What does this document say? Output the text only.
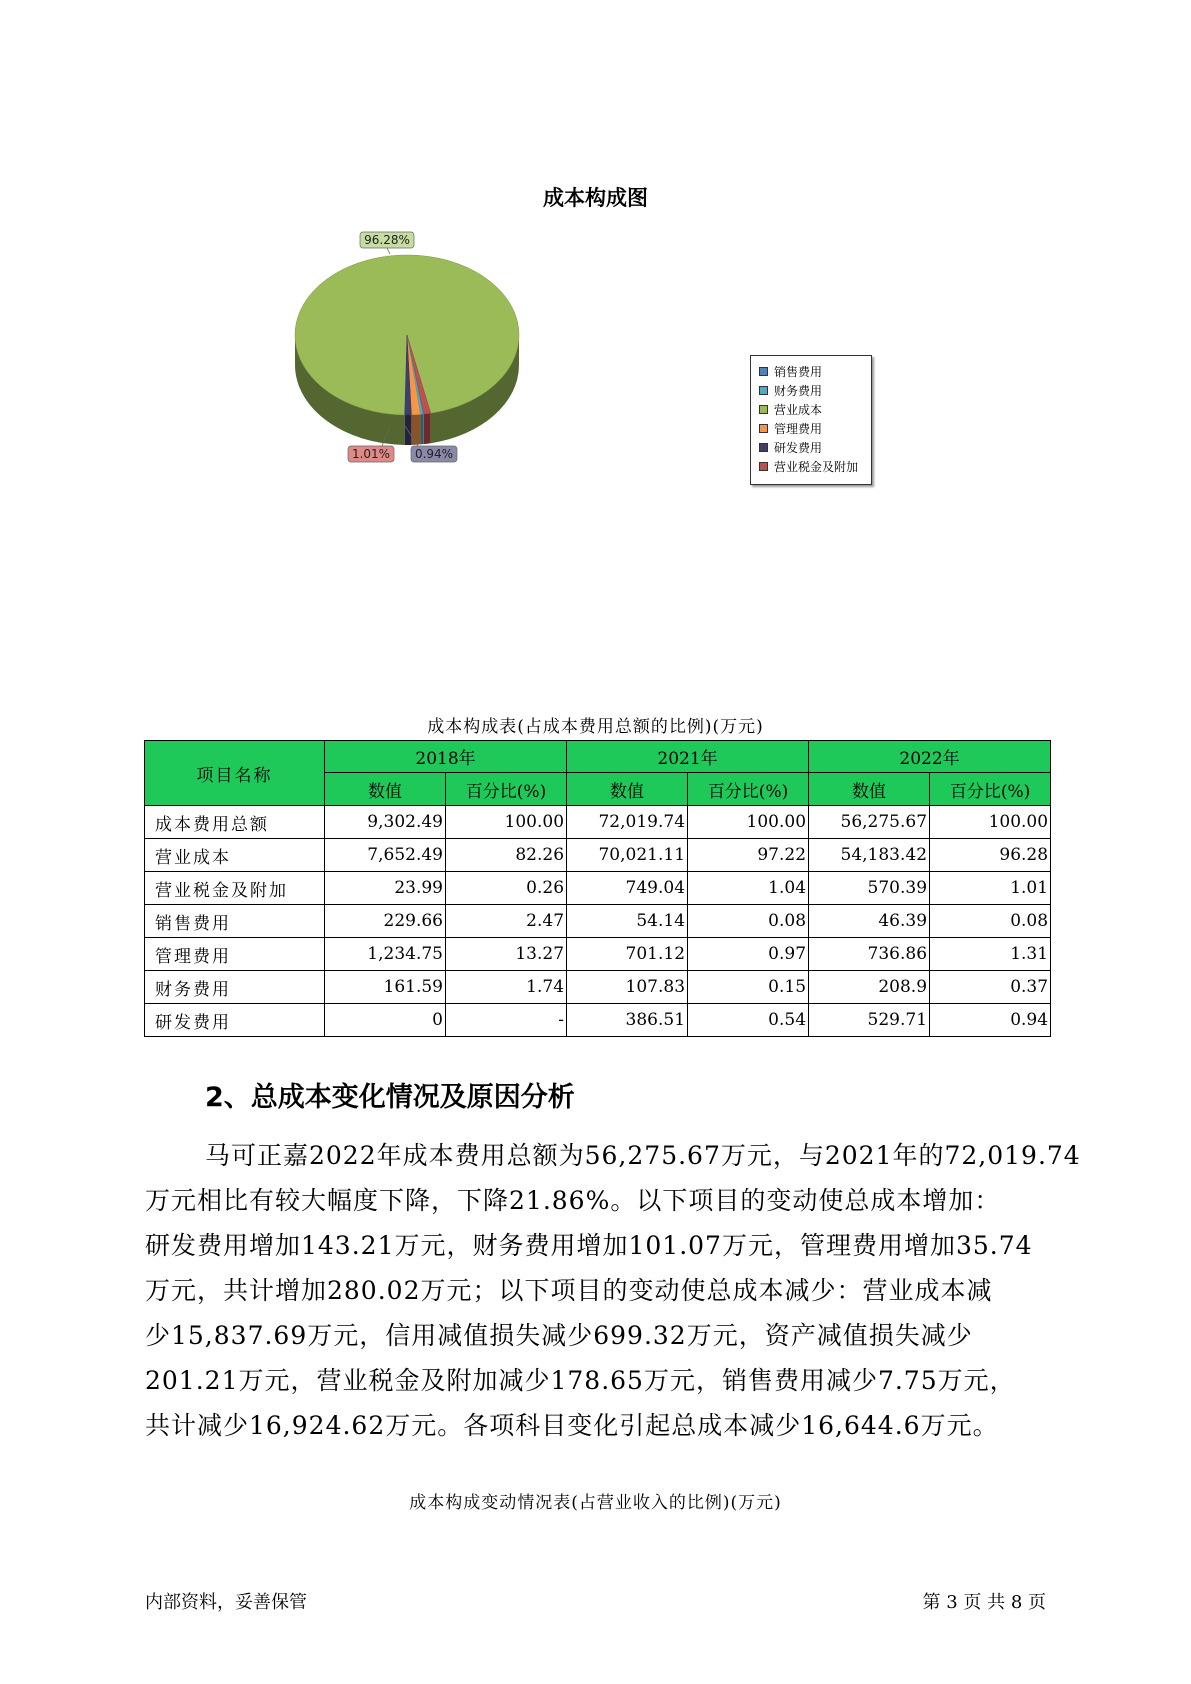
成本构成图
96.28%
1.01% 0.94%
销售费用
财务费用
营业成本
管理费用
研发费用
营业税金及附加
成本构成表(占成本费用总额的比例)(万元)
项目名称	2018年		2021年		2022年	
	数值	百分比(%)	数值	百分比(%)	数值	百分比(%)
成本费用总额	9,302.49	100.00	72,019.74	100.00	56,275.67	100.00
营业成本	7,652.49	82.26	70,021.11	97.22	54,183.42	96.28
营业税金及附加	23.99	0.26	749.04	1.04	570.39	1.01
销售费用	229.66	2.47	54.14	0.08	46.39	0.08
管理费用	1,234.75	13.27	701.12	0.97	736.86	1.31
财务费用	161.59	1.74	107.83	0.15	208.9	0.37
研发费用	0	-	386.51	0.54	529.71	0.94
2、总成本变化情况及原因分析
马可正嘉2022年成本费用总额为56,275.67万元，与2021年的72,019.74
万元相比有较大幅度下降，下降21.86%。以下项目的变动使总成本增加：
研发费用增加143.21万元，财务费用增加101.07万元，管理费用增加35.74
万元，共计增加280.02万元；以下项目的变动使总成本减少：营业成本减
少15,837.69万元，信用减值损失减少699.32万元，资产减值损失减少
201.21万元，营业税金及附加减少178.65万元，销售费用减少7.75万元，
共计减少16,924.62万元。各项科目变化引起总成本减少16,644.6万元。
成本构成变动情况表(占营业收入的比例)(万元)
内部资料，妥善保管	第 3 页 共 8 页
